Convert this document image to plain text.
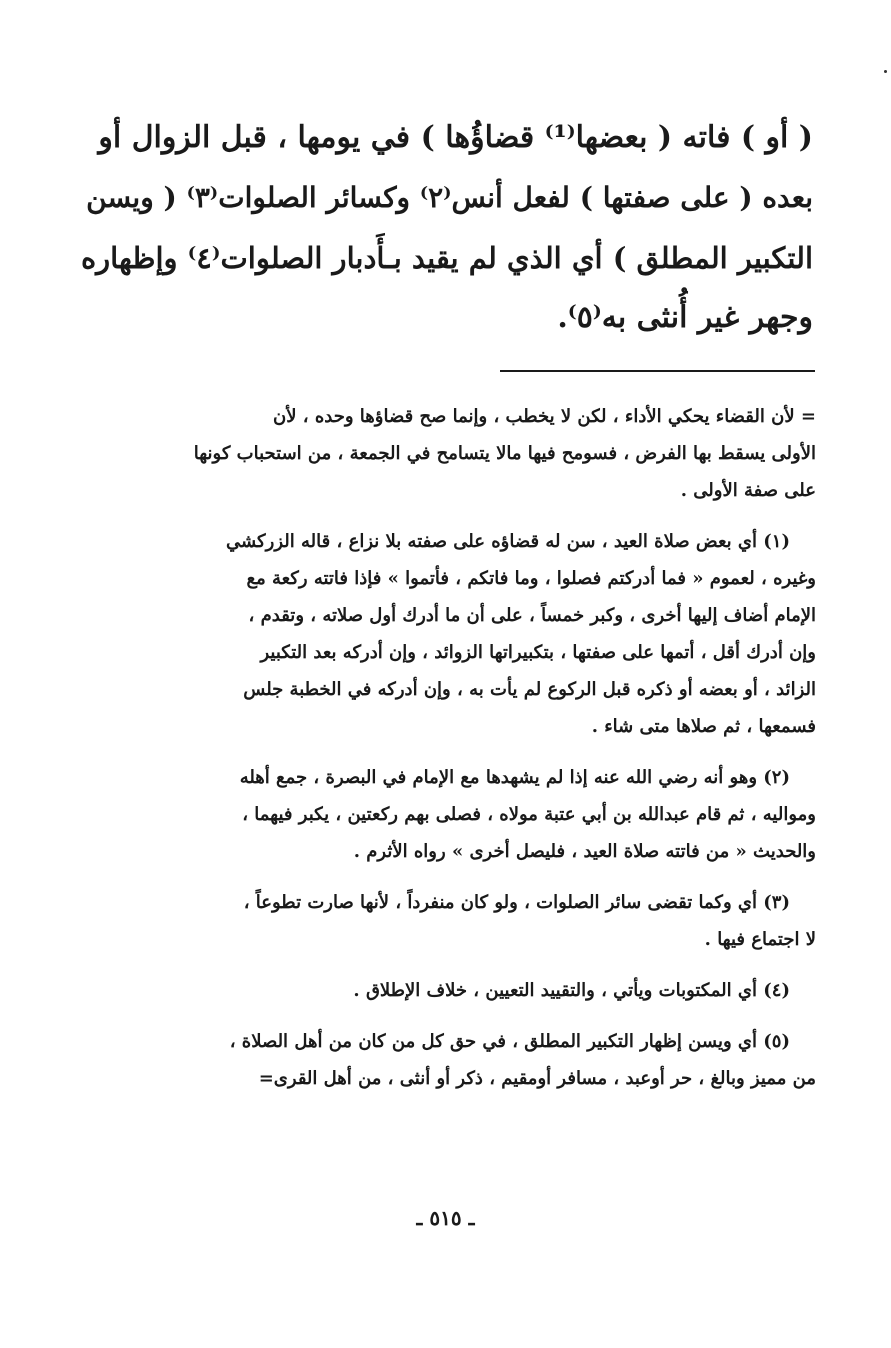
( أو ) فاته ( بعضها⁽¹⁾ قضاؤُها ) في يومها ، قبل الزوال أو
بعده ( على صفتها ) لفعل أنس⁽٢⁾ وكسائر الصلوات⁽٣⁾ ( ويسن
التكبير المطلق ) أي الذي لم يقيد بـأَدبار الصلوات⁽٤⁾ وإظهاره
وجهر غير أُنثى به⁽٥⁾.
= لأن القضاء يحكي الأداء ، لكن لا يخطب ، وإنما صح قضاؤها وحده ، لأن
الأولى يسقط بها الفرض ، فسومح فيها مالا يتسامح في الجمعة ، من استحباب كونها
على صفة الأولى .
(١) أي بعض صلاة العيد ، سن له قضاؤه على صفته بلا نزاع ، قاله الزركشي
وغيره ، لعموم « فما أدركتم فصلوا ، وما فاتكم ، فأتموا » فإذا فاتته ركعة مع
الإمام أضاف إليها أخرى ، وكبر خمساً ، على أن ما أدرك أول صلاته ، وتقدم ،
وإن أدرك أقل ، أتمها على صفتها ، بتكبيراتها الزوائد ، وإن أدركه بعد التكبير
الزائد ، أو بعضه أو ذكره قبل الركوع لم يأت به ، وإن أدركه في الخطبة جلس
فسمعها ، ثم صلاها متى شاء .
(٢) وهو أنه رضي الله عنه إذا لم يشهدها مع الإمام في البصرة ، جمع أهله
ومواليه ، ثم قام عبدالله بن أبي عتبة مولاه ، فصلى بهم ركعتين ، يكبر فيهما ،
والحديث « من فاتته صلاة العيد ، فليصل أخرى » رواه الأثرم .
(٣) أي وكما تقضى سائر الصلوات ، ولو كان منفرداً ، لأنها صارت تطوعاً ،
لا اجتماع فيها .
(٤) أي المكتوبات ويأتي ، والتقييد التعيين ، خلاف الإطلاق .
(٥) أي ويسن إظهار التكبير المطلق ، في حق كل من كان من أهل الصلاة ،
من مميز وبالغ ، حر أوعبد ، مسافر أومقيم ، ذكر أو أنثى ، من أهل القرى=
ـ ٥١٥ ـ
